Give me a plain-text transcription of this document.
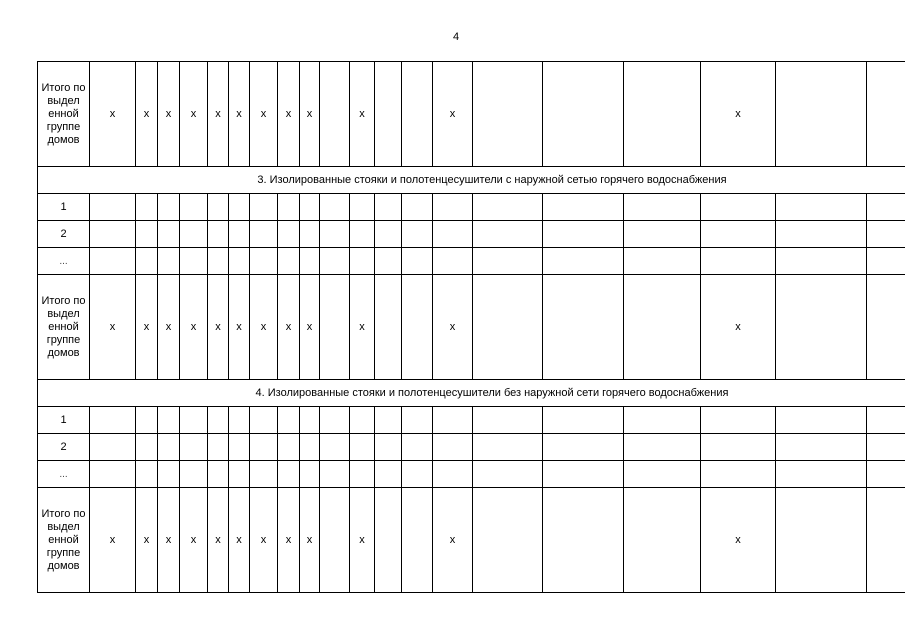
4
Итого по выдел енной группе домов	x	x	x	x	x	x	x	x	x		x			x				x		
3. Изолированные стояки и полотенцесушители с наружной сетью горячего водоснабжения																				
1																				
2																				
...																				
Итого по выдел енной группе домов	x	x	x	x	x	x	x	x	x		x			x				x		
4. Изолированные стояки и полотенцесушители без наружной сети горячего водоснабжения																				
1																				
2																				
...																				
Итого по выдел енной группе домов	x	x	x	x	x	x	x	x	x		x			x				x		
